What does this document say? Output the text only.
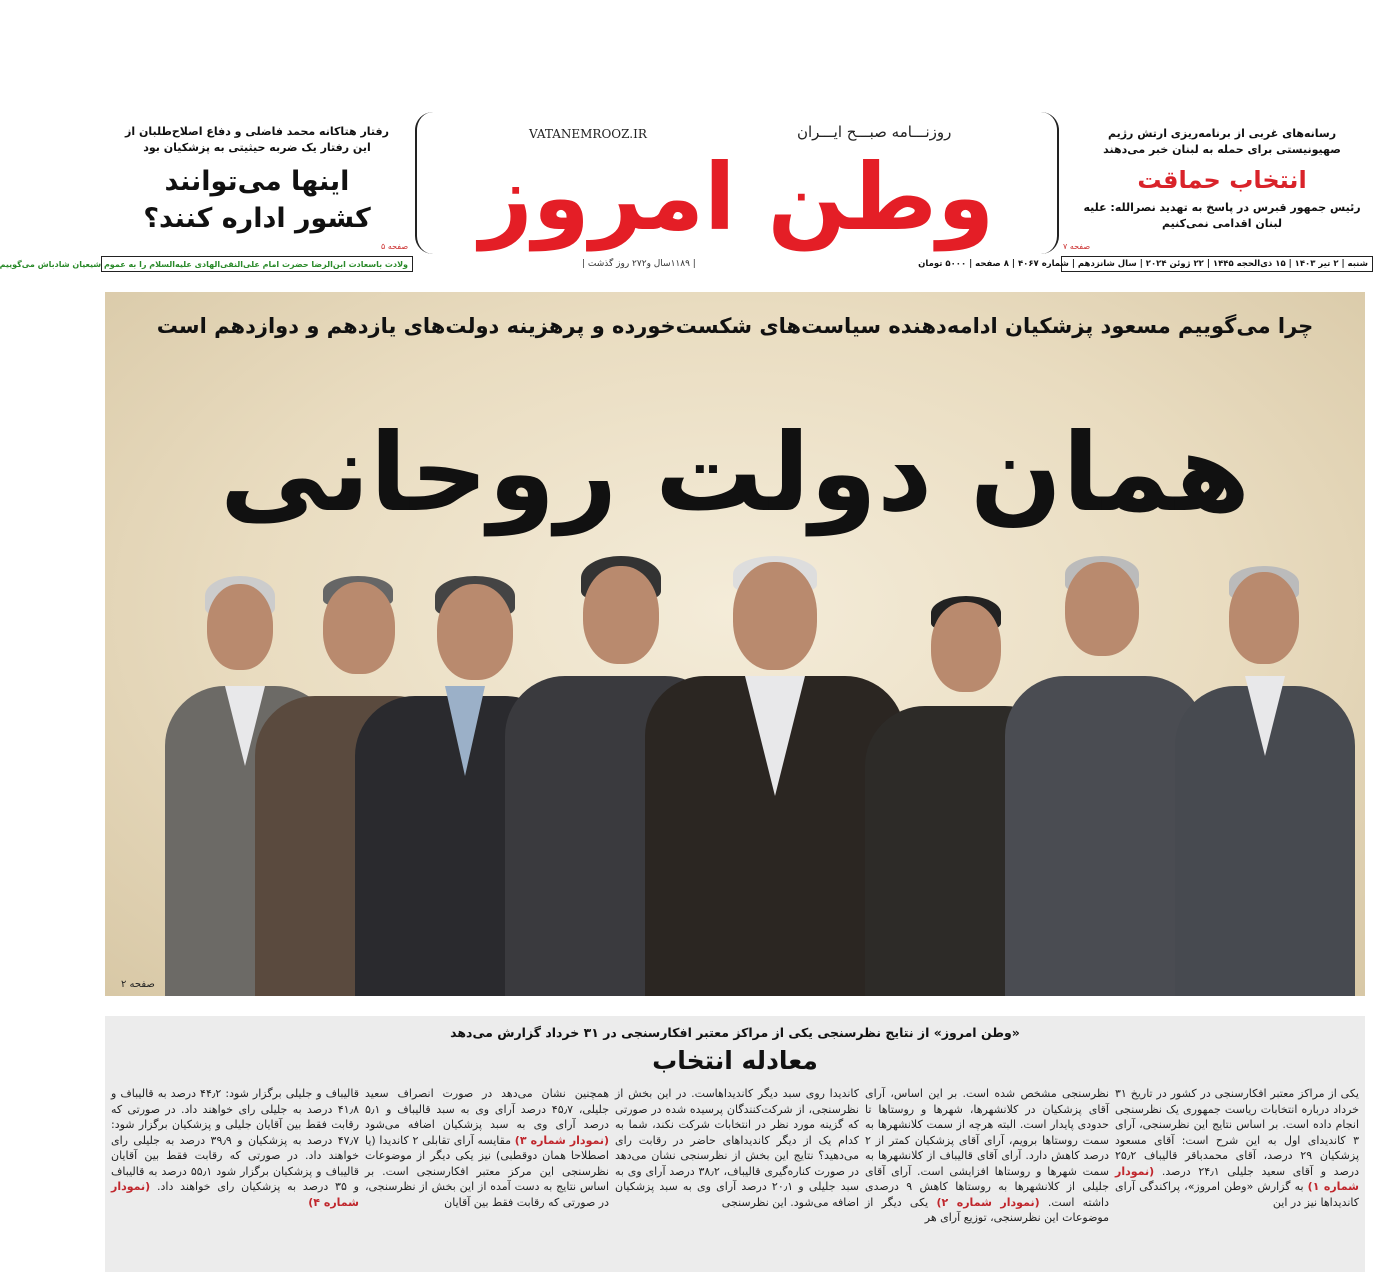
وطن امروز
روزنـــامه صبـــح ایـــران
VATANEMROOZ.IR
| ۱۱۸۹سال و۲۷۲ روز گذشت |
رفتار هتاکانه محمد فاضلی و دفاع اصلاح‌طلبان از این رفتار یک ضربه حیثیتی به پزشکیان بود
اینها می‌توانند
کشور اداره کنند؟
صفحه ۵
رسانه‌های غربی از برنامه‌ریزی ارتش رژیم صهیونیستی برای حمله به لبنان خبر می‌دهند
انتخاب حماقت
رئیس جمهور قبرس در پاسخ به تهدید نصرالله: علیه لبنان اقدامی نمی‌کنیم
صفحه ۷
شنبه | ۲ تیر ۱۴۰۳ | ۱۵ ذی‌الحجه ۱۴۴۵ | ۲۲ ژوئن ۲۰۲۴ | سال شانزدهم | شماره ۴۰۶۷ | ۸ صفحه | ۵۰۰۰ تومان
ولادت باسعادت ابن‌الرضا حضرت امام علی‌النقی‌الهادی علیه‌السلام را به عموم شیعیان شادباش می‌گوییم
چرا می‌گوییم مسعود پزشکیان ادامه‌دهنده سیاست‌های شکست‌خورده و پرهزینه دولت‌های یازدهم و دوازدهم است
همان دولت روحانی
صفحه ۲
«وطن امروز» از نتایج نظرسنجی یکی از مراکز معتبر افکارسنجی در ۳۱ خرداد گزارش می‌دهد
معادله انتخاب
یکی از مراکز معتبر افکارسنجی در کشور در تاریخ ۳۱ خرداد درباره انتخابات ریاست جمهوری یک نظرسنجی انجام داده است. بر اساس نتایج این نظرسنجی، آرای ۳ کاندیدای اول به این شرح است: آقای مسعود پزشکیان ۲۹ درصد، آقای محمدباقر قالیباف ۲۵٫۲ درصد و آقای سعید جلیلی ۲۴٫۱ درصد. (نمودار شماره ۱) به گزارش «وطن امروز»، پراکندگی آرای کاندیداها نیز در این
نظرسنجی مشخص شده است. بر این اساس، آرای آقای پزشکیان در کلانشهرها، شهرها و روستاها تا حدودی پایدار است. البته هرچه از سمت کلانشهرها به سمت روستاها برویم، آرای آقای پزشکیان کمتر از ۲ درصد کاهش دارد. آرای آقای قالیباف از کلانشهرها به سمت شهرها و روستاها افزایشی است. آرای آقای جلیلی از کلانشهرها به روستاها کاهش ۹ درصدی داشته است. (نمودار شماره ۲) یکی دیگر از موضوعات این نظرسنجی، توزیع آرای هر
کاندیدا روی سبد دیگر کاندیداهاست. در این بخش از نظرسنجی، از شرکت‌کنندگان پرسیده شده در صورتی که گزینه مورد نظر در انتخابات شرکت نکند، شما به کدام یک از دیگر کاندیداهای حاضر در رقابت رای می‌دهید؟ نتایج این بخش از نظرسنجی نشان می‌دهد در صورت کناره‌گیری قالیباف، ۳۸٫۲ درصد آرای وی به سبد جلیلی و ۲۰٫۱ درصد آرای وی به سبد پزشکیان اضافه می‌شود. این نظرسنجی
همچنین نشان می‌دهد در صورت انصراف سعید جلیلی، ۴۵٫۷ درصد آرای وی به سبد قالیباف و ۵٫۱ درصد آرای وی به سبد پزشکیان اضافه می‌شود (نمودار شماره ۳) مقایسه آرای تقابلی ۲ کاندیدا (یا اصطلاحا همان دوقطبی) نیز یکی دیگر از موضوعات نظرسنجی این مرکز معتبر افکارسنجی است. بر اساس نتایج به دست آمده از این بخش از نظرسنجی، در صورتی که رقابت فقط بین آقایان
قالیباف و جلیلی برگزار شود: ۴۴٫۲ درصد به قالیباف و ۴۱٫۸ درصد به جلیلی رای خواهند داد. در صورتی که رقابت فقط بین آقایان جلیلی و پزشکیان برگزار شود: ۴۷٫۷ درصد به پزشکیان و ۳۹٫۹ درصد به جلیلی رای خواهند داد. در صورتی که رقابت فقط بین آقایان قالیباف و پزشکیان برگزار شود ۵۵٫۱ درصد به قالیباف و ۳۵ درصد به پزشکیان رای خواهند داد. (نمودار شماره ۴)
